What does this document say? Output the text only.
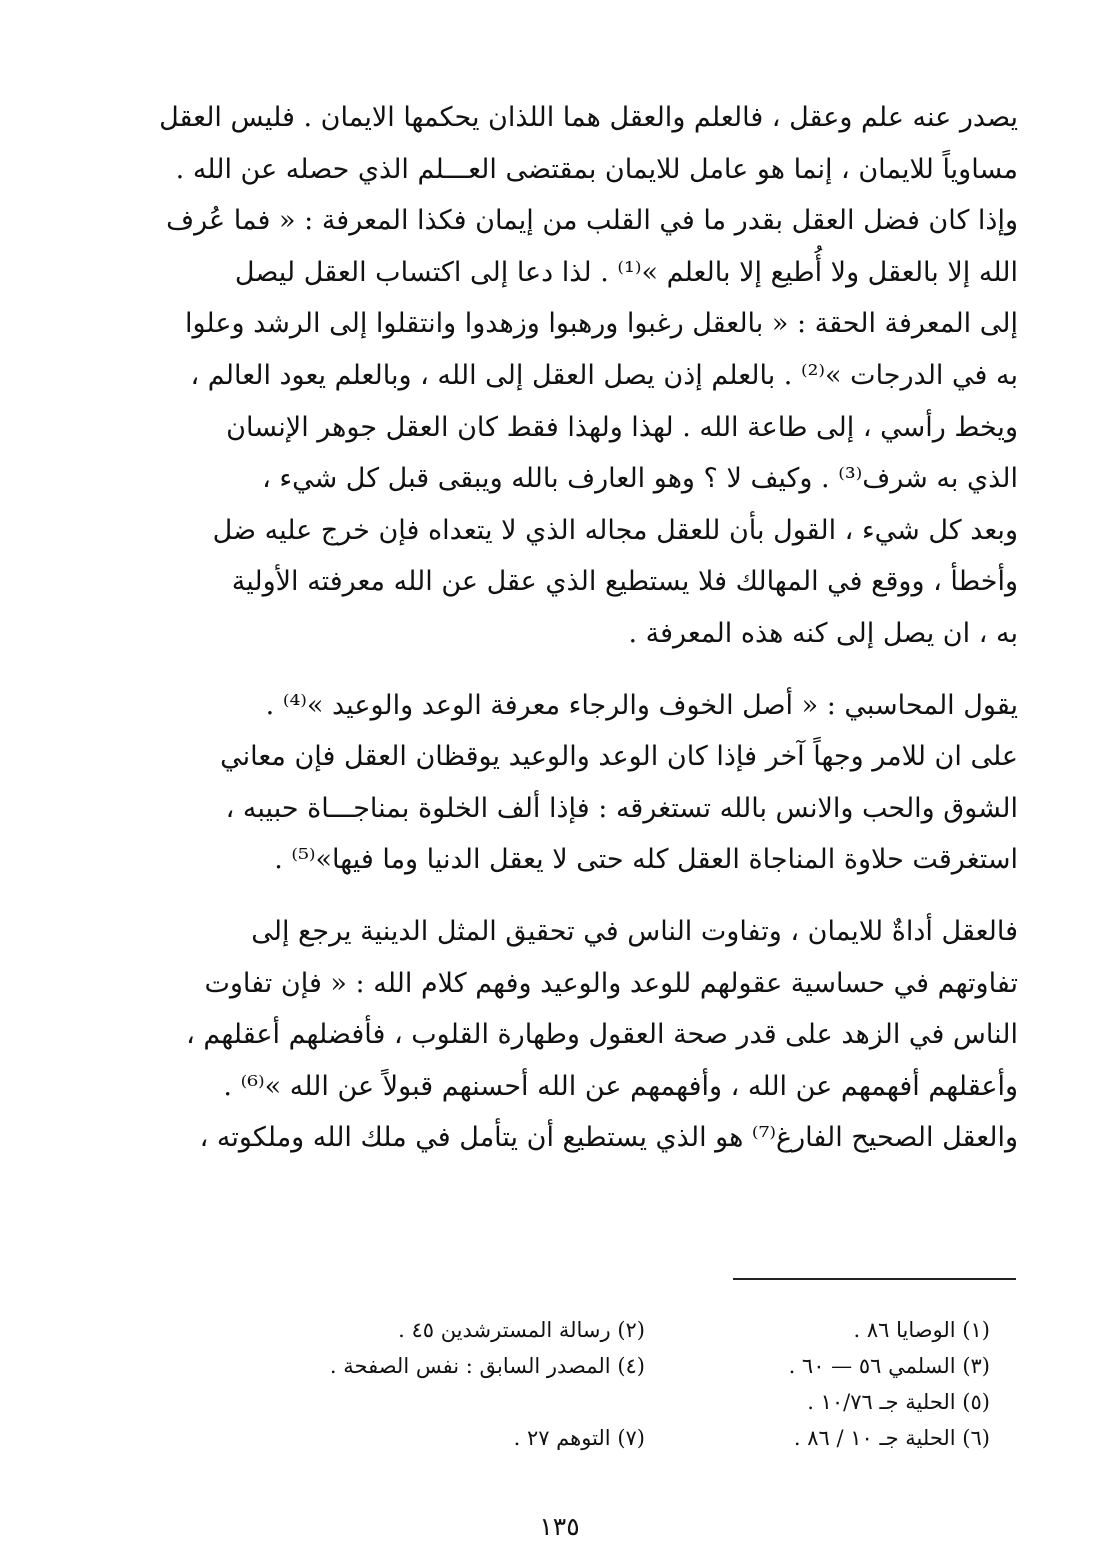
يصدر عنه علم وعقل ، فالعلم والعقل هما اللذان يحكمها الايمان . فليس العقل
مساوياً للايمان ، إنما هو عامل للايمان بمقتضى العـــلم الذي حصله عن الله .
وإذا كان فضل العقل بقدر ما في القلب من إيمان فكذا المعرفة : « فما عُرف
الله إلا بالعقل ولا أُطيع إلا بالعلم »⁽¹⁾ . لذا دعا إلى اكتساب العقل ليصل
إلى المعرفة الحقة : « بالعقل رغبوا ورهبوا وزهدوا وانتقلوا إلى الرشد وعلوا
به في الدرجات »⁽²⁾ . بالعلم إذن يصل العقل إلى الله ، وبالعلم يعود العالم ،
ويخط رأسي ، إلى طاعة الله . لهذا ولهذا فقط كان العقل جوهر الإنسان
الذي به شرف⁽³⁾ . وكيف لا ؟ وهو العارف بالله ويبقى قبل كل شيء ،
وبعد كل شيء ، القول بأن للعقل مجاله الذي لا يتعداه فإن خرج عليه ضل
وأخطأ ، ووقع في المهالك فلا يستطيع الذي عقل عن الله معرفته الأولية
به ، ان يصل إلى كنه هذه المعرفة .

يقول المحاسبي : « أصل الخوف والرجاء معرفة الوعد والوعيد »⁽⁴⁾ .
على ان للامر وجهاً آخر فإذا كان الوعد والوعيد يوقظان العقل فإن معاني
الشوق والحب والانس بالله تستغرقه : فإذا ألف الخلوة بمناجـــاة حبيبه ،
استغرقت حلاوة المناجاة العقل كله حتى لا يعقل الدنيا وما فيها»⁽⁵⁾ .

فالعقل أداةٌ للايمان ، وتفاوت الناس في تحقيق المثل الدينية يرجع إلى
تفاوتهم في حساسية عقولهم للوعد والوعيد وفهم كلام الله : « فإن تفاوت
الناس في الزهد على قدر صحة العقول وطهارة القلوب ، فأفضلهم أعقلهم ،
وأعقلهم أفهمهم عن الله ، وأفهمهم عن الله أحسنهم قبولاً عن الله »⁽⁶⁾ .
والعقل الصحيح الفارغ⁽⁷⁾ هو الذي يستطيع أن يتأمل في ملك الله وملكوته ،

(١) الوصايا ٨٦ .
(٢) رسالة المسترشدين ٤٥ .
(٣) السلمي ٥٦ — ٦٠ .
(٤) المصدر السابق : نفس الصفحة .
(٥) الحلية جـ ١٠/٧٦ .
(٦) الحلية جـ ١٠ / ٨٦ .
(٧) التوهم ٢٧ .
١٣٥
